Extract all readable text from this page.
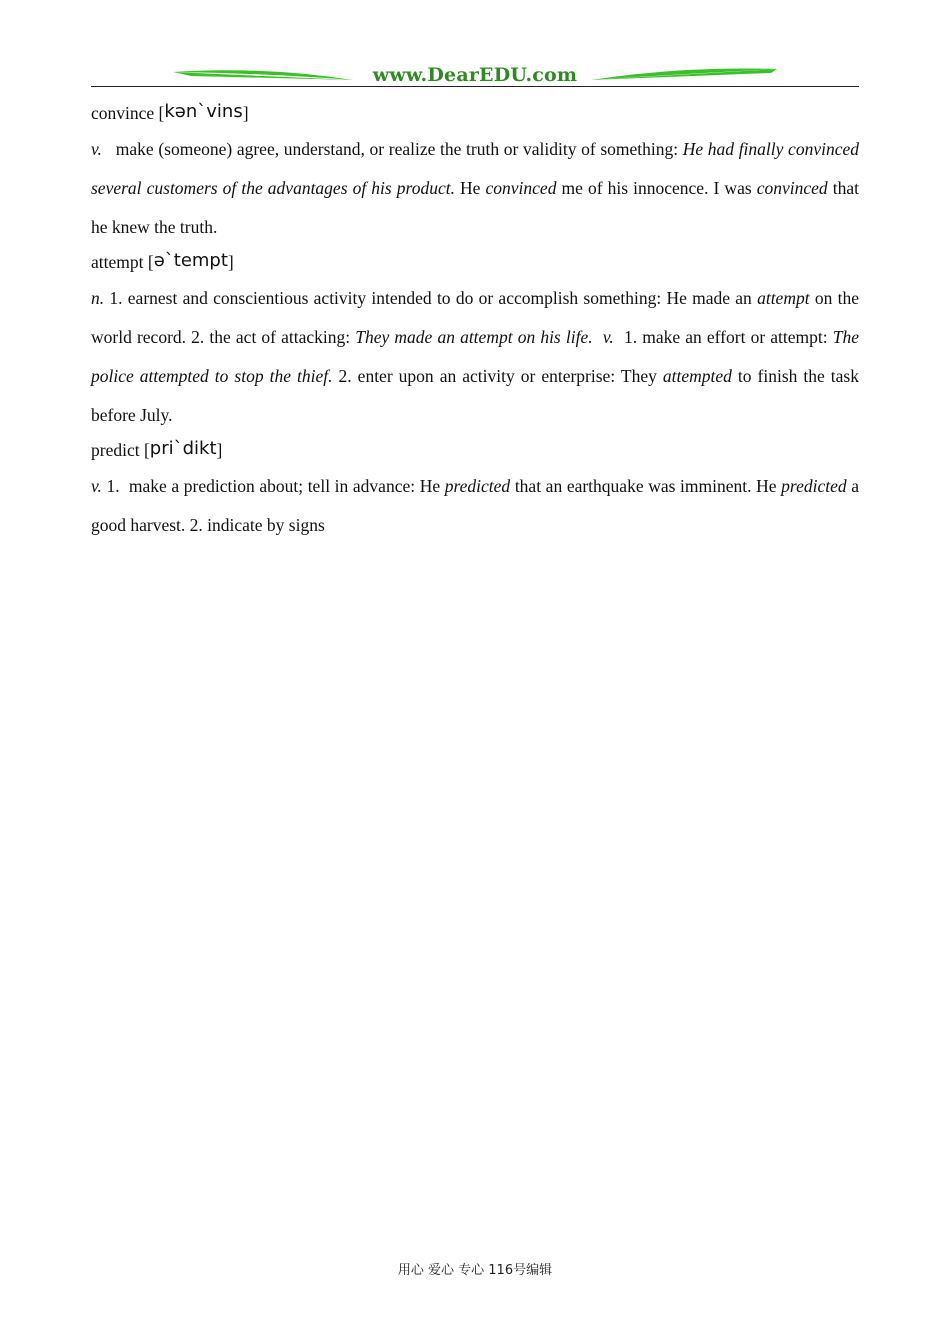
www.DearEDU.com
convince [kən`vins]

v.   make (someone) agree, understand, or realize the truth or validity of something: He had finally convinced several customers of the advantages of his product. He convinced me of his innocence. I was convinced that he knew the truth.

attempt [ə`tempt]

n. 1. earnest and conscientious activity intended to do or accomplish something: He made an attempt on the world record. 2. the act of attacking: They made an attempt on his life. v.  1. make an effort or attempt: The police attempted to stop the thief. 2. enter upon an activity or enterprise: They attempted to finish the task before July.

predict [pri`dikt]

v. 1.  make a prediction about; tell in advance: He predicted that an earthquake was imminent. He predicted a good harvest. 2. indicate by signs

用心 爱心 专心 116号编辑
